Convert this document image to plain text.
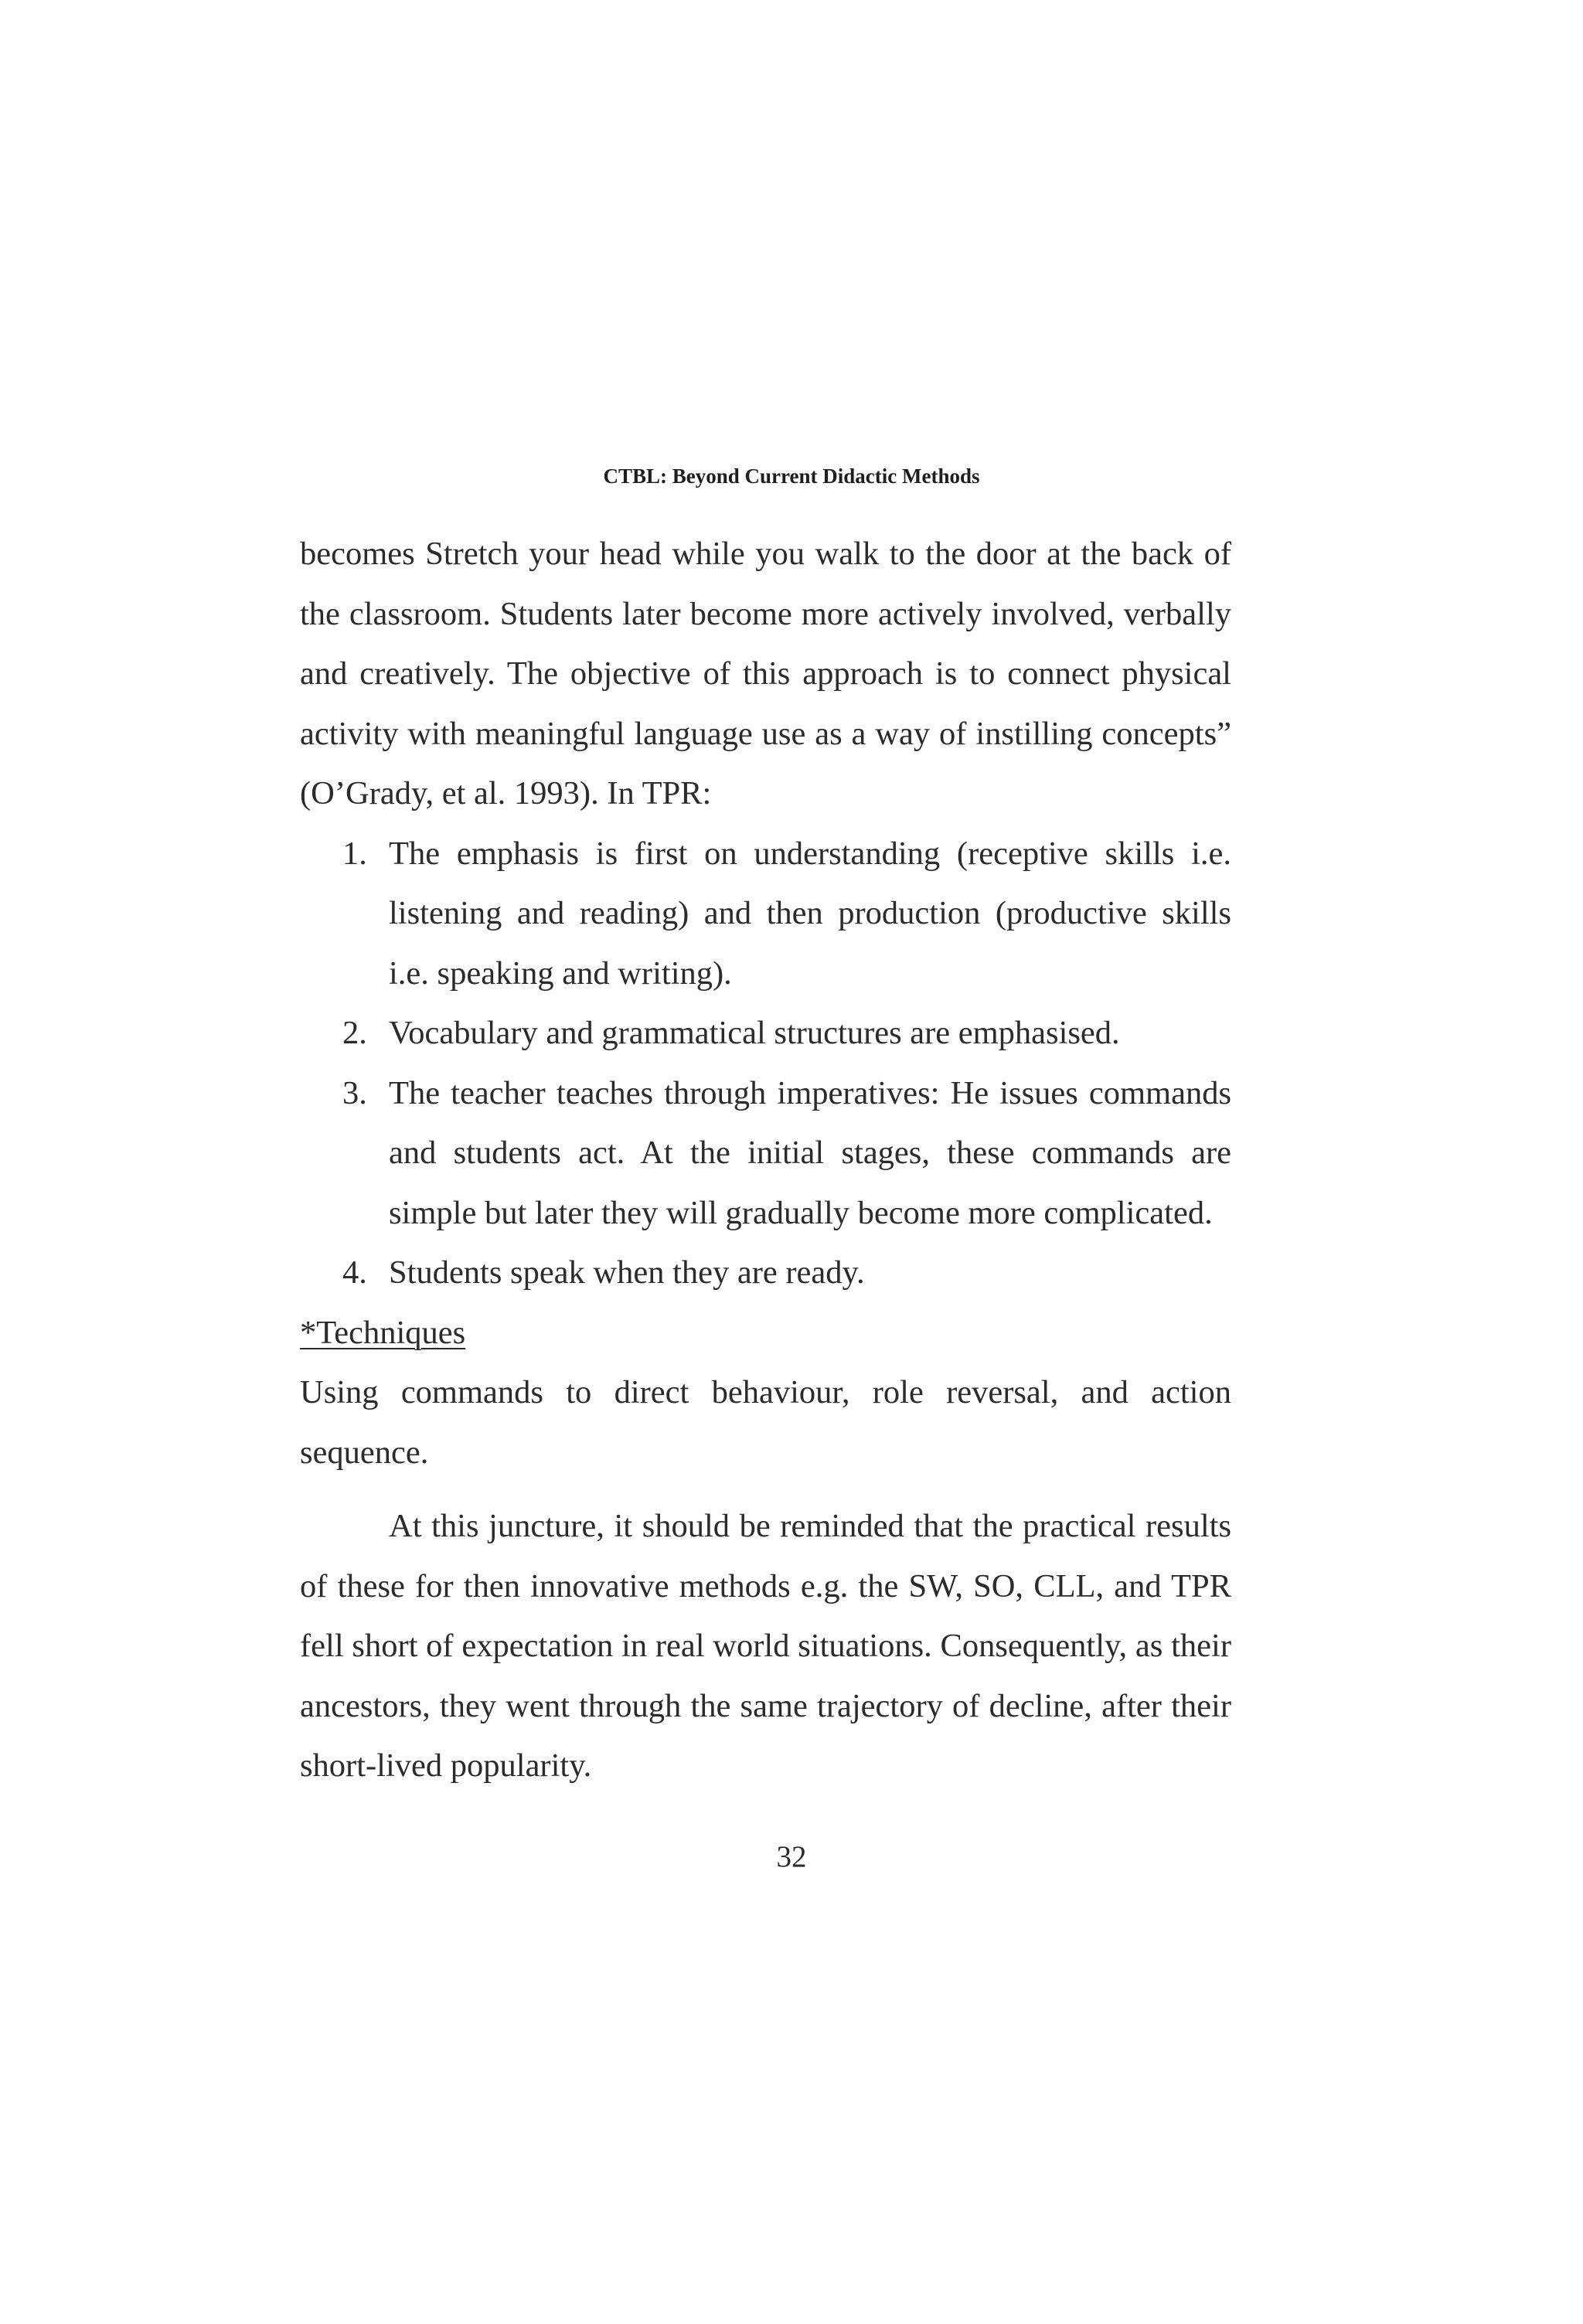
CTBL: Beyond Current Didactic Methods

becomes Stretch your head while you walk to the door at the back of the classroom. Students later become more actively involved, verbally and creatively. The objective of this approach is to connect physical activity with meaningful language use as a way of instilling concepts” (O’Grady, et al. 1993). In TPR:

1. The emphasis is first on understanding (receptive skills i.e. listening and reading) and then production (productive skills i.e. speaking and writing).
2. Vocabulary and grammatical structures are emphasised.
3. The teacher teaches through imperatives: He issues commands and students act. At the initial stages, these commands are simple but later they will gradually become more complicated.
4. Students speak when they are ready.

*Techniques

Using commands to direct behaviour, role reversal, and action sequence.

At this juncture, it should be reminded that the practical results of these for then innovative methods e.g. the SW, SO, CLL, and TPR fell short of expectation in real world situations. Consequently, as their ancestors, they went through the same trajectory of decline, after their short-lived popularity.

32
